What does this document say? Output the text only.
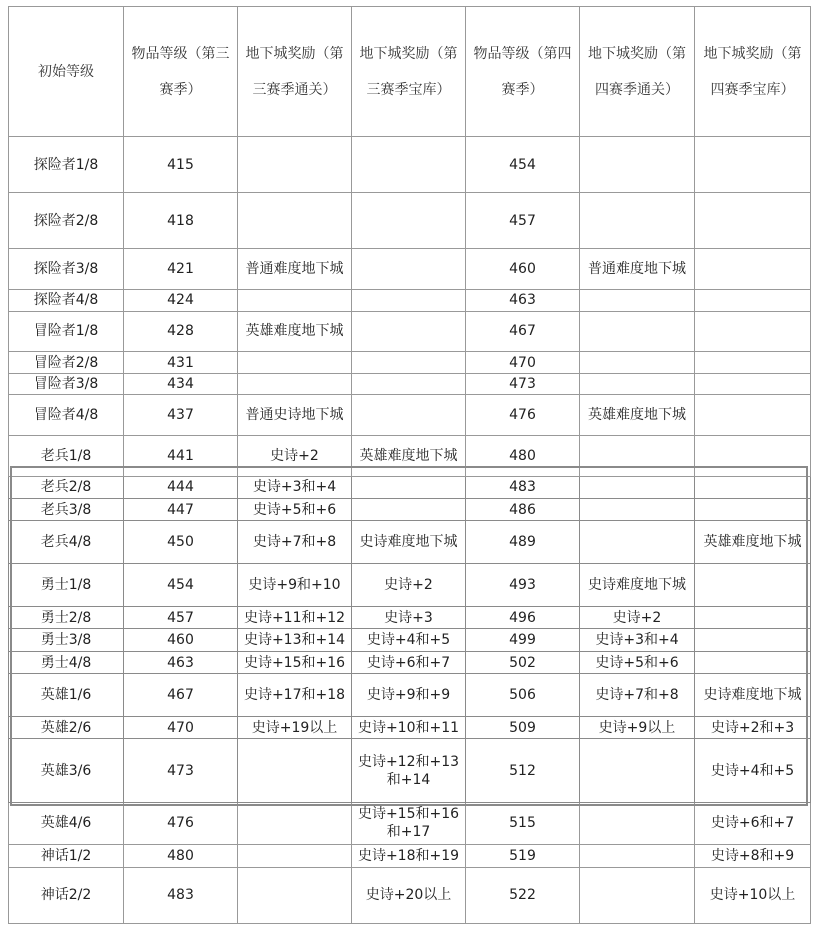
初始等级	物品等级（第三赛季）	地下城奖励（第三赛季通关）	地下城奖励（第三赛季宝库）	物品等级（第四赛季）	地下城奖励（第四赛季通关）	地下城奖励（第四赛季宝库）
探险者1/8	415			454		
探险者2/8	418			457		
探险者3/8	421	普通难度地下城		460	普通难度地下城	
探险者4/8	424			463		
冒险者1/8	428	英雄难度地下城		467		
冒险者2/8	431			470		
冒险者3/8	434			473		
冒险者4/8	437	普通史诗地下城		476	英雄难度地下城	
老兵1/8	441	史诗+2	英雄难度地下城	480		
老兵2/8	444	史诗+3和+4		483		
老兵3/8	447	史诗+5和+6		486		
老兵4/8	450	史诗+7和+8	史诗难度地下城	489		英雄难度地下城
勇士1/8	454	史诗+9和+10	史诗+2	493	史诗难度地下城	
勇士2/8	457	史诗+11和+12	史诗+3	496	史诗+2	
勇士3/8	460	史诗+13和+14	史诗+4和+5	499	史诗+3和+4	
勇士4/8	463	史诗+15和+16	史诗+6和+7	502	史诗+5和+6	
英雄1/6	467	史诗+17和+18	史诗+9和+9	506	史诗+7和+8	史诗难度地下城
英雄2/6	470	史诗+19以上	史诗+10和+11	509	史诗+9以上	史诗+2和+3
英雄3/6	473		史诗+12和+13和+14	512		史诗+4和+5
英雄4/6	476		史诗+15和+16和+17	515		史诗+6和+7
神话1/2	480		史诗+18和+19	519		史诗+8和+9
神话2/2	483		史诗+20以上	522		史诗+10以上
